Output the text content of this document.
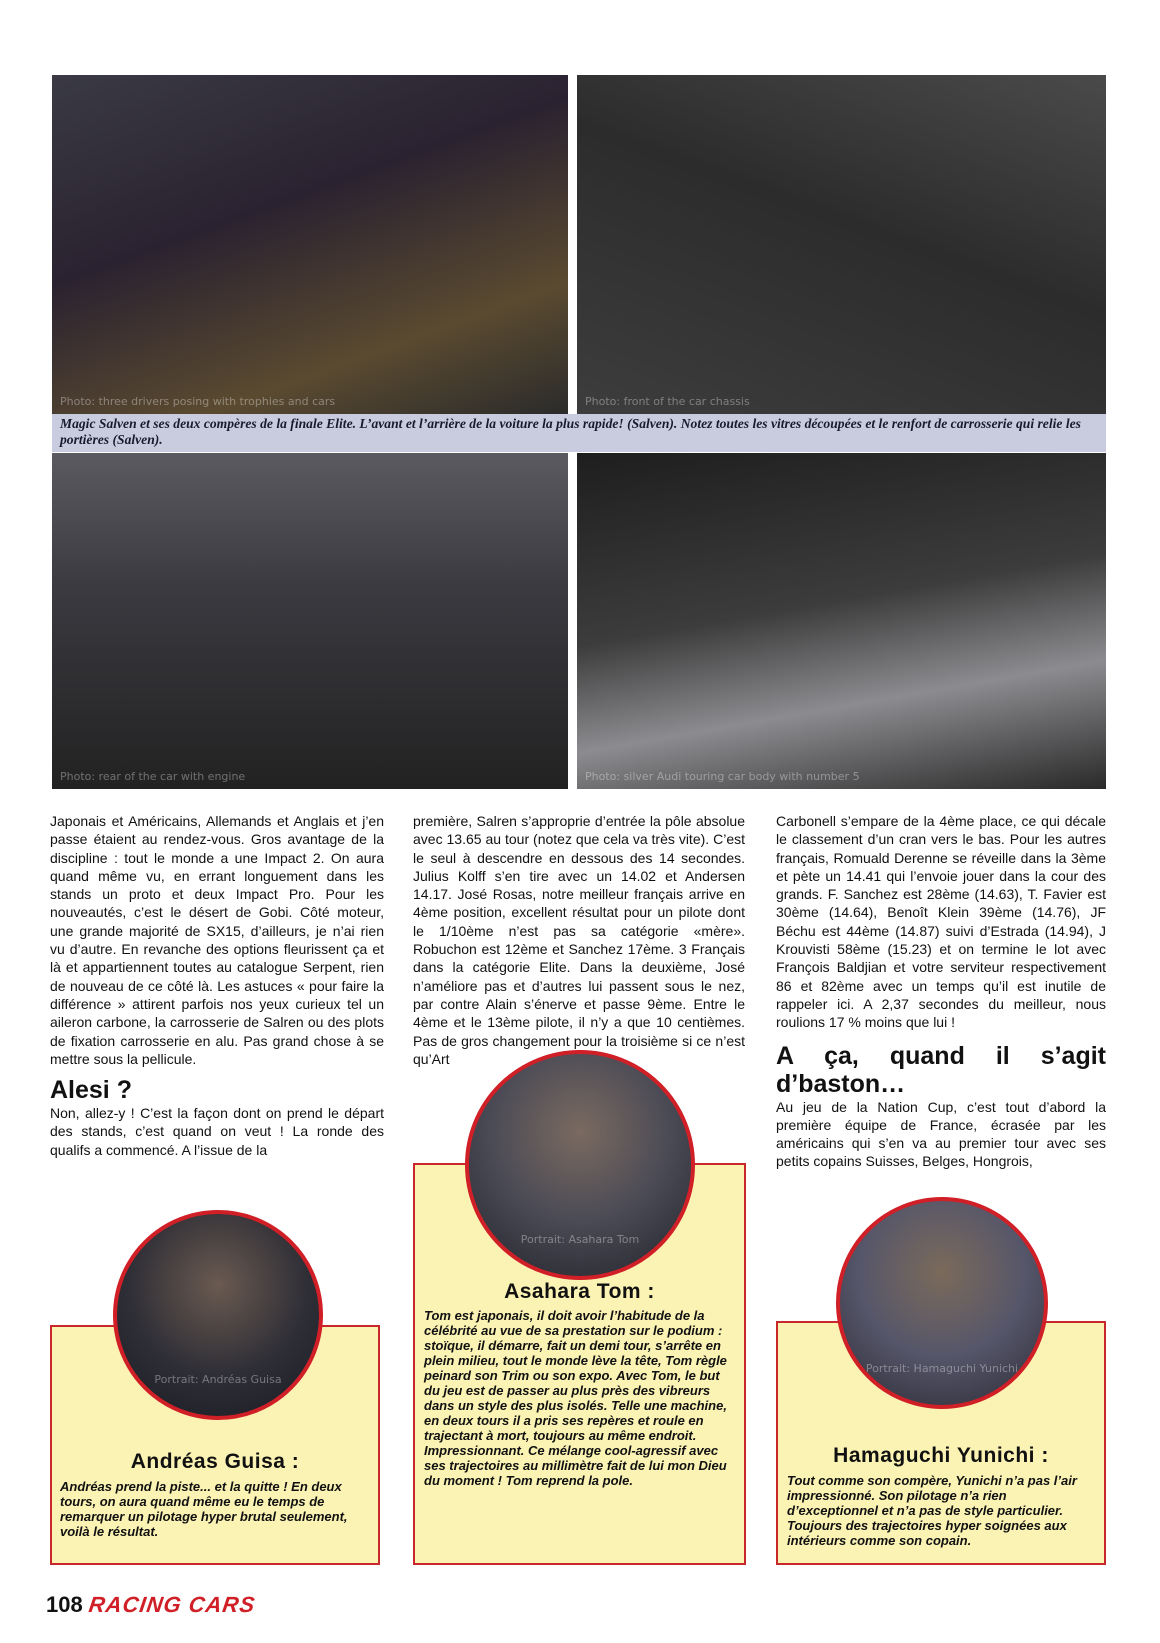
Photo: three drivers posing with trophies and cars	Photo: front of the car chassis
Magic Salven et ses deux compères de la finale Elite. L’avant et l’arrière de la voiture la plus rapide! (Salven). Notez toutes les vitres découpées et le renfort de carrosserie qui relie les portières (Salven).
Photo: rear of the car with engine	Photo: silver Audi touring car body with number 5

Japonais et Américains, Allemands et Anglais et j’en passe étaient au rendez-vous. Gros avantage de la discipline : tout le monde a une Impact 2. On aura quand même vu, en errant longuement dans les stands un proto et deux Impact Pro. Pour les nouveautés, c’est le désert de Gobi. Côté moteur, une grande majorité de SX15, d’ailleurs, je n’ai rien vu d’autre. En revanche des options fleurissent ça et là et appartiennent toutes au catalogue Serpent, rien de nouveau de ce côté là. Les astuces « pour faire la différence » attirent parfois nos yeux curieux tel un aileron carbone, la carrosserie de Salren ou des plots de fixation carrosserie en alu. Pas grand chose à se mettre sous la pellicule.

Alesi ?

Non, allez-y ! C’est la façon dont on prend le départ des stands, c’est quand on veut ! La ronde des qualifs a commencé. A l’issue de la

première, Salren s’approprie d’entrée la pôle absolue avec 13.65 au tour (notez que cela va très vite). C’est le seul à descendre en dessous des 14 secondes. Julius Kolff s’en tire avec un 14.02 et Andersen 14.17. José Rosas, notre meilleur français arrive en 4ème position, excellent résultat pour un pilote dont le 1/10ème n’est pas sa catégorie «mère». Robuchon est 12ème et Sanchez 17ème. 3 Français dans la catégorie Elite. Dans la deuxième, José n’améliore pas et d’autres lui passent sous le nez, par contre Alain s’énerve et passe 9ème. Entre le 4ème et le 13ème pilote, il n’y a que 10 centièmes. Pas de gros changement pour la troisième si ce n’est qu’Art

Carbonell s’empare de la 4ème place, ce qui décale le classement d’un cran vers le bas. Pour les autres français, Romuald Derenne se réveille dans la 3ème et pète un 14.41 qui l’envoie jouer dans la cour des grands. F. Sanchez est 28ème (14.63), T. Favier est 30ème (14.64), Benoît Klein 39ème (14.76), JF Béchu est 44ème (14.87) suivi d’Estrada (14.94), J Krouvisti 58ème (15.23) et on termine le lot avec François Baldjian et votre serviteur respectivement 86 et 82ème avec un temps qu’il est inutile de rappeler ici. A 2,37 secondes du meilleur, nous roulions 17 % moins que lui !

A ça, quand il s’agit d’baston…

Au jeu de la Nation Cup, c’est tout d’abord la première équipe de France, écrasée par les américains qui s’en va au premier tour avec ses petits copains Suisses, Belges, Hongrois,

Portrait: Andréas Guisa
Andréas Guisa :
Andréas prend la piste... et la quitte ! En deux tours, on aura quand même eu le temps de remarquer un pilotage hyper brutal seulement, voilà le résultat.
Portrait: Asahara Tom
Asahara Tom :
Tom est japonais, il doit avoir l’habitude de la célébrité au vue de sa prestation sur le podium : stoïque, il démarre, fait un demi tour, s’arrête en plein milieu, tout le monde lève la tête, Tom règle peinard son Trim ou son expo. Avec Tom, le but du jeu est de passer au plus près des vibreurs dans un style des plus isolés. Telle une machine, en deux tours il a pris ses repères et roule en trajectant à mort, toujours au même endroit. Impressionnant. Ce mélange cool-agressif avec ses trajectoires au millimètre fait de lui mon Dieu du moment ! Tom reprend la pole.
Portrait: Hamaguchi Yunichi
Hamaguchi Yunichi :
Tout comme son compère, Yunichi n’a pas l’air impressionné. Son pilotage n’a rien d’exceptionnel et n’a pas de style particulier. Toujours des trajectoires hyper soignées aux intérieurs comme son copain.
108 RACING CARS
